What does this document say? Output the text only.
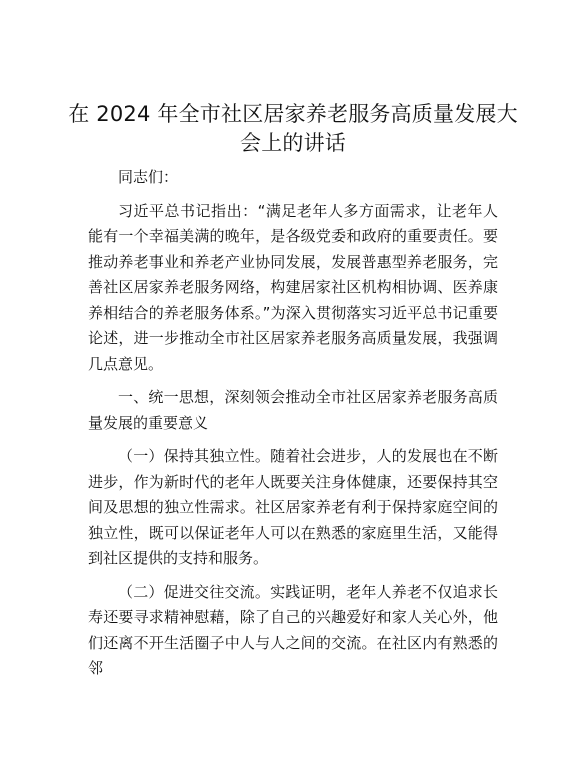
在 2024 年全市社区居家养老服务高质量发展大会上的讲话

同志们：

习近平总书记指出：“满足老年人多方面需求，让老年人能有一个幸福美满的晚年，是各级党委和政府的重要责任。要推动养老事业和养老产业协同发展，发展普惠型养老服务，完善社区居家养老服务网络，构建居家社区机构相协调、医养康养相结合的养老服务体系。”为深入贯彻落实习近平总书记重要论述，进一步推动全市社区居家养老服务高质量发展，我强调几点意见。

一、统一思想，深刻领会推动全市社区居家养老服务高质量发展的重要意义

（一）保持其独立性。随着社会进步，人的发展也在不断进步，作为新时代的老年人既要关注身体健康，还要保持其空间及思想的独立性需求。社区居家养老有利于保持家庭空间的独立性，既可以保证老年人可以在熟悉的家庭里生活，又能得到社区提供的支持和服务。

（二）促进交往交流。实践证明，老年人养老不仅追求长寿还要寻求精神慰藉，除了自己的兴趣爱好和家人关心外，他们还离不开生活圈子中人与人之间的交流。在社区内有熟悉的邻
